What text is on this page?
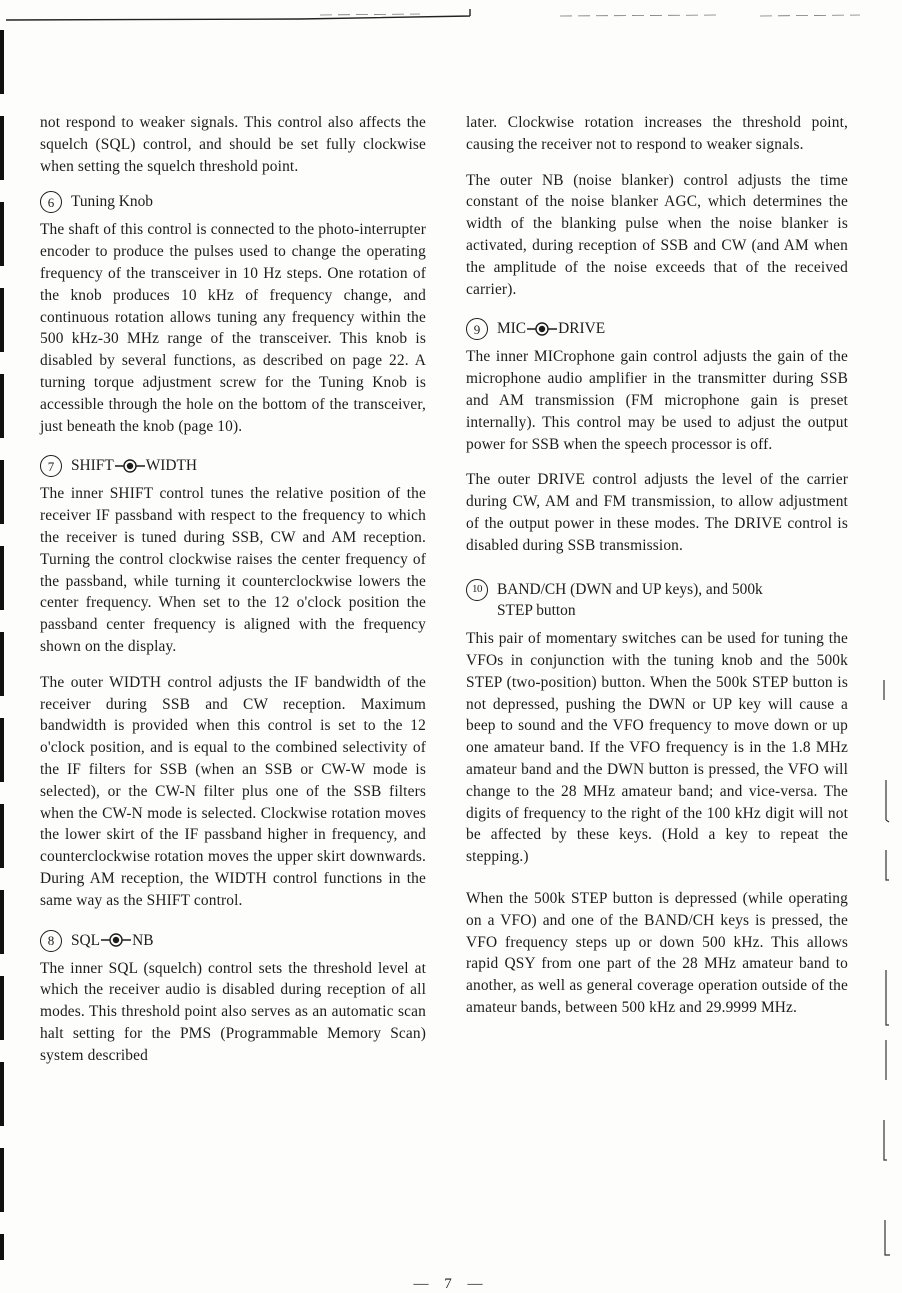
not respond to weaker signals. This control also affects the squelch (SQL) control, and should be set fully clockwise when setting the squelch threshold point.

6	Tuning Knob

The shaft of this control is connected to the photo-interrupter encoder to produce the pulses used to change the operating frequency of the transceiver in 10 Hz steps. One rotation of the knob produces 10 kHz of frequency change, and continuous rotation allows tuning any frequency within the 500 kHz-30 MHz range of the transceiver. This knob is disabled by several functions, as described on page 22. A turning torque adjustment screw for the Tuning Knob is accessible through the hole on the bottom of the transceiver, just beneath the knob (page 10).

7	SHIFT WIDTH

The inner SHIFT control tunes the relative position of the receiver IF passband with respect to the frequency to which the receiver is tuned during SSB, CW and AM reception. Turning the control clockwise raises the center frequency of the passband, while turning it counterclockwise lowers the center frequency. When set to the 12 o'clock position the passband center frequency is aligned with the frequency shown on the display.

The outer WIDTH control adjusts the IF bandwidth of the receiver during SSB and CW reception. Maximum bandwidth is provided when this control is set to the 12 o'clock position, and is equal to the combined selectivity of the IF filters for SSB (when an SSB or CW-W mode is selected), or the CW-N filter plus one of the SSB filters when the CW-N mode is selected. Clockwise rotation moves the lower skirt of the IF passband higher in frequency, and counterclockwise rotation moves the upper skirt downwards. During AM reception, the WIDTH control functions in the same way as the SHIFT control.

8	SQL NB

The inner SQL (squelch) control sets the threshold level at which the receiver audio is disabled during reception of all modes. This threshold point also serves as an automatic scan halt setting for the PMS (Programmable Memory Scan) system described

later. Clockwise rotation increases the threshold point, causing the receiver not to respond to weaker signals.

The outer NB (noise blanker) control adjusts the time constant of the noise blanker AGC, which determines the width of the blanking pulse when the noise blanker is activated, during reception of SSB and CW (and AM when the amplitude of the noise exceeds that of the received carrier).

9	MIC DRIVE

The inner MICrophone gain control adjusts the gain of the microphone audio amplifier in the transmitter during SSB and AM transmission (FM microphone gain is preset internally). This control may be used to adjust the output power for SSB when the speech processor is off.

The outer DRIVE control adjusts the level of the carrier during CW, AM and FM transmission, to allow adjustment of the output power in these modes. The DRIVE control is disabled during SSB transmission.

10 BAND/CH (DWN and UP keys), and 500k
STEP button

This pair of momentary switches can be used for tuning the VFOs in conjunction with the tuning knob and the 500k STEP (two-position) button. When the 500k STEP button is not depressed, pushing the DWN or UP key will cause a beep to sound and the VFO frequency to move down or up one amateur band. If the VFO frequency is in the 1.8 MHz amateur band and the DWN button is pressed, the VFO will change to the 28 MHz amateur band; and vice-versa. The digits of frequency to the right of the 100 kHz digit will not be affected by these keys. (Hold a key to repeat the stepping.)

When the 500k STEP button is depressed (while operating on a VFO) and one of the BAND/CH keys is pressed, the VFO frequency steps up or down 500 kHz. This allows rapid QSY from one part of the 28 MHz amateur band to another, as well as general coverage operation outside of the amateur bands, between 500 kHz and 29.9999 MHz.

— 7 —
